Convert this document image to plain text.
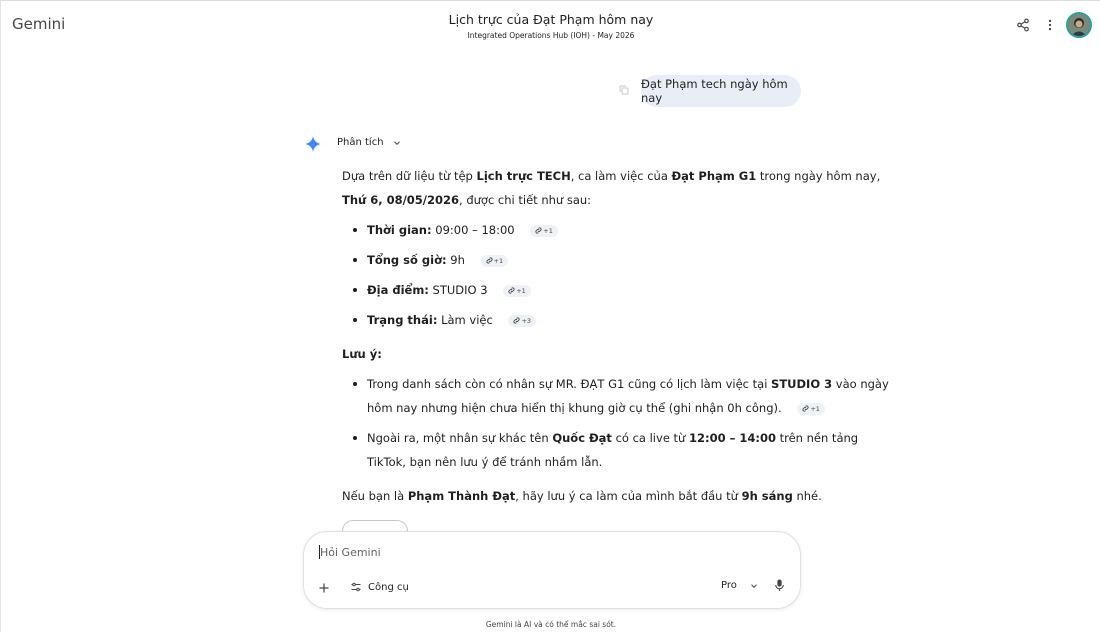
Gemini	Lịch trực của Đạt Phạm hôm nay
Integrated Operations Hub (IOH) - May 2026
Đạt Phạm tech ngày hôm nay
Phân tích
Dựa trên dữ liệu từ tệp Lịch trực TECH, ca làm việc của Đạt Phạm G1 trong ngày hôm nay,
Thứ 6, 08/05/2026, được chi tiết như sau:
Thời gian: 09:00 – 18:00	+1
Tổng số giờ: 9h	+1
Địa điểm: STUDIO 3	+1
Trạng thái: Làm việc	+3
Lưu ý:
Trong danh sách còn có nhân sự MR. ĐẠT G1 cũng có lịch làm việc tại STUDIO 3 vào ngày
hôm nay nhưng hiện chưa hiển thị khung giờ cụ thể (ghi nhận 0h công).	+1
Ngoài ra, một nhân sự khác tên Quốc Đạt có ca live từ 12:00 – 14:00 trên nền tảng
TikTok, bạn nên lưu ý để tránh nhầm lẫn.
Nếu bạn là Phạm Thành Đạt, hãy lưu ý ca làm của mình bắt đầu từ 9h sáng nhé.
Hỏi Gemini
Công cụ	Pro
Gemini là AI và có thể mắc sai sót.
